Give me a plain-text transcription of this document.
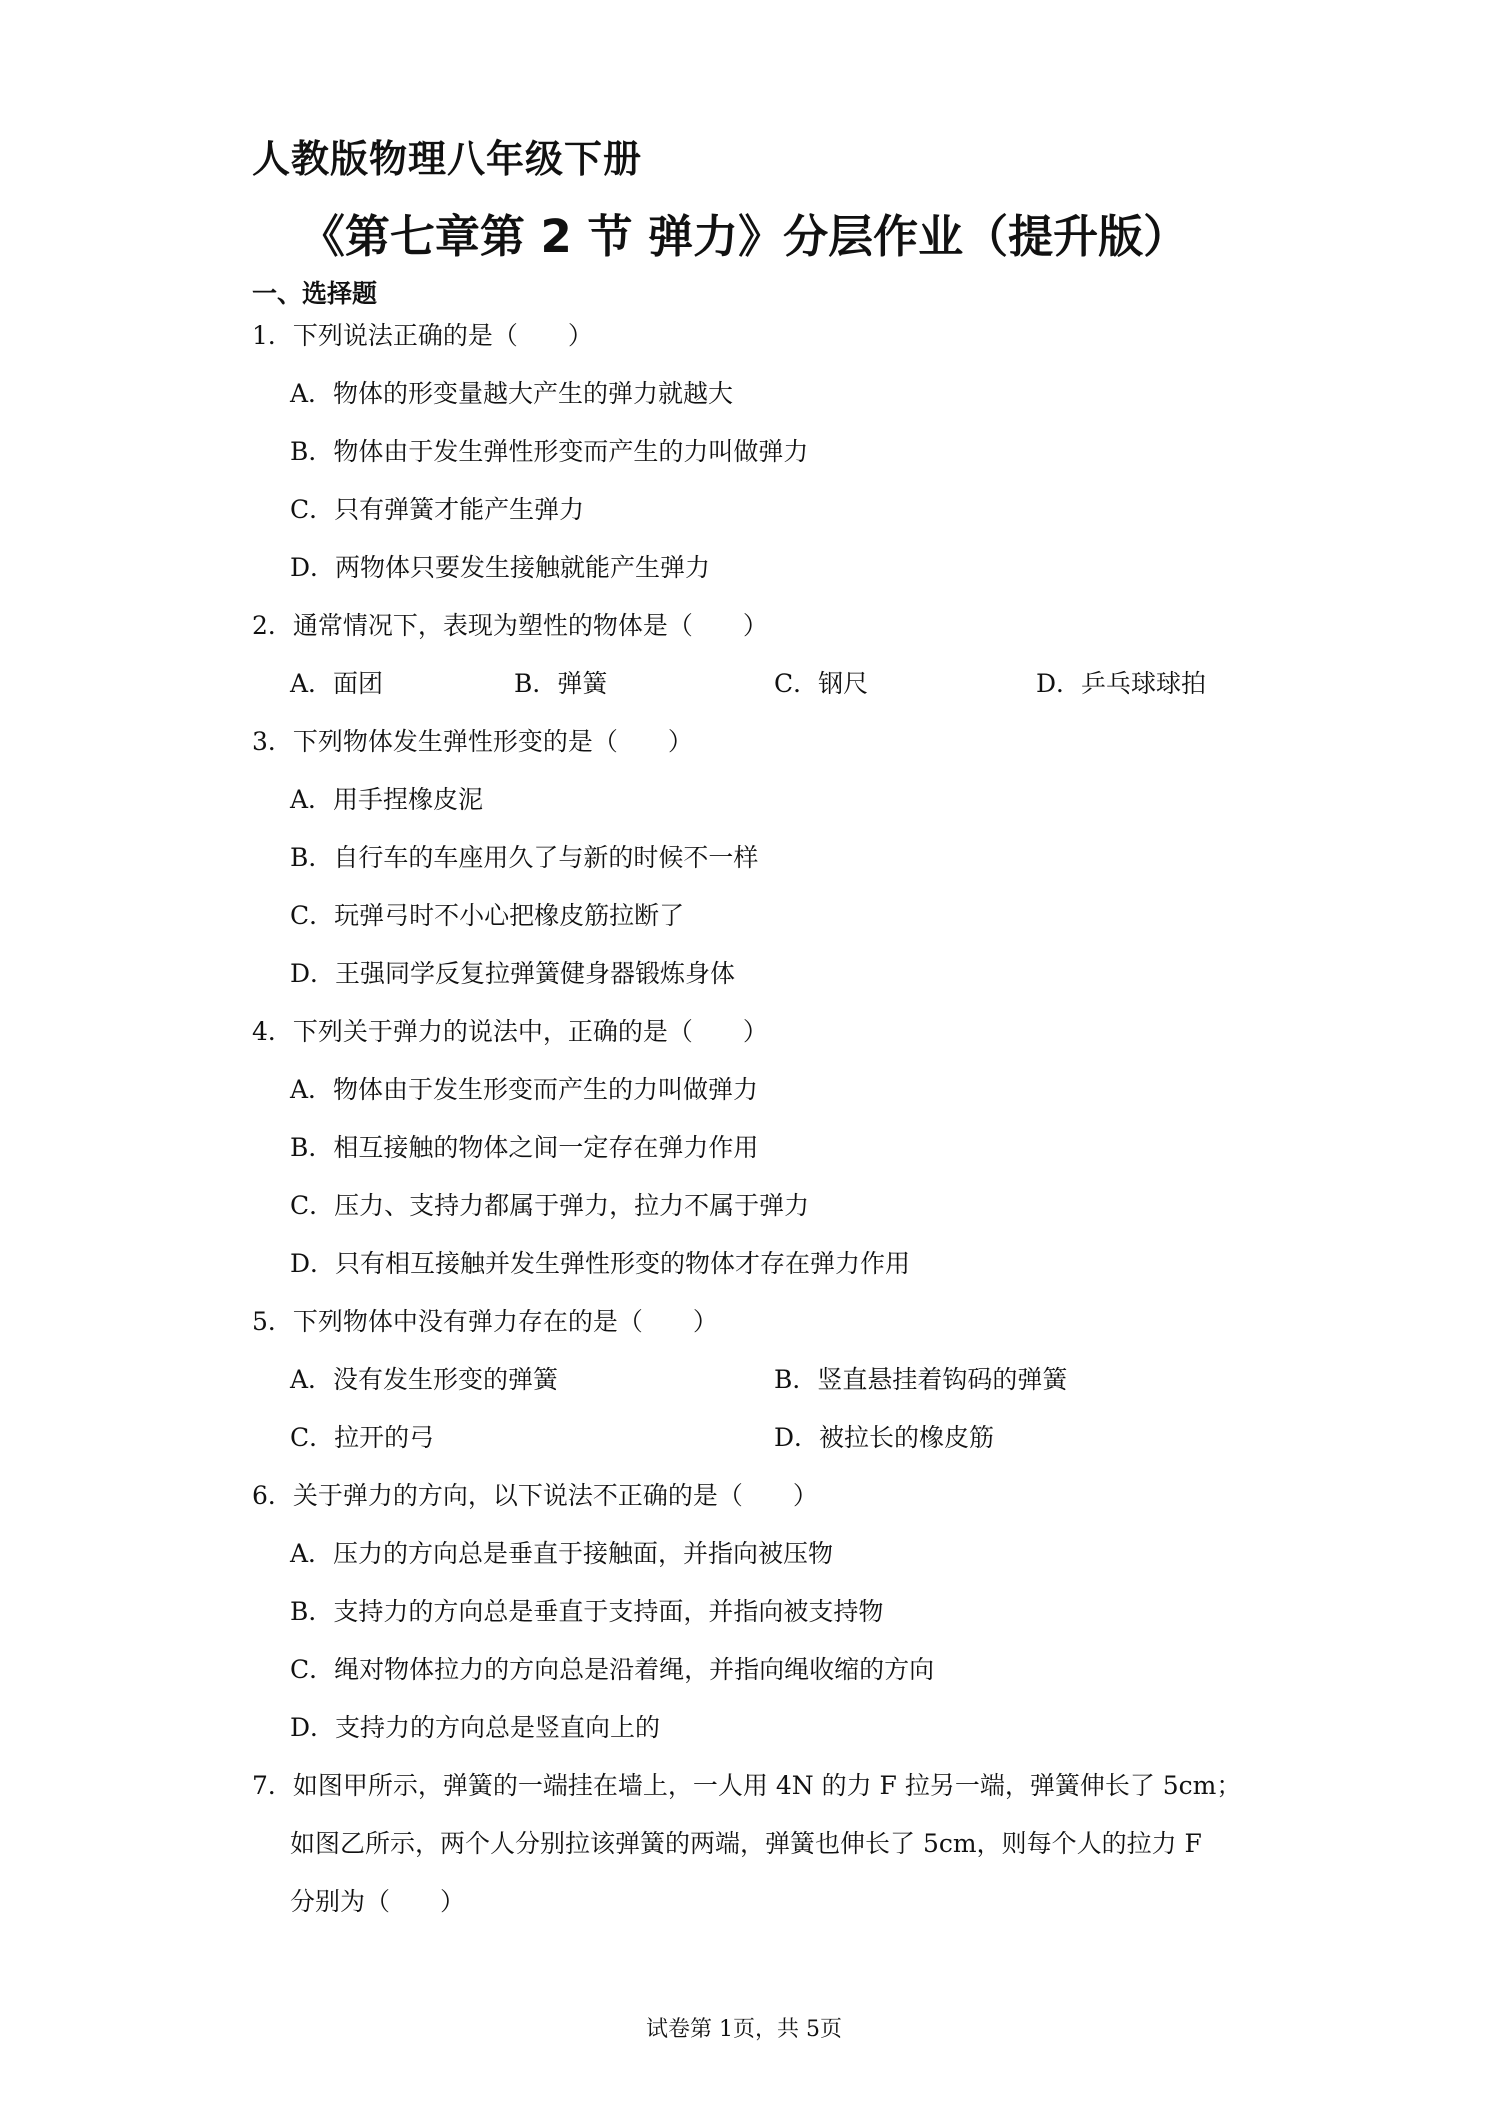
人教版物理八年级下册
《第七章第 2 节 弹力》分层作业（提升版）
一、选择题
1．下列说法正确的是（　　）
A．物体的形变量越大产生的弹力就越大
B．物体由于发生弹性形变而产生的力叫做弹力
C．只有弹簧才能产生弹力
D．两物体只要发生接触就能产生弹力
2．通常情况下，表现为塑性的物体是（　　）
A．面团	B．弹簧	C．钢尺	D．乒乓球球拍
3．下列物体发生弹性形变的是（　　）
A．用手捏橡皮泥
B．自行车的车座用久了与新的时候不一样
C．玩弹弓时不小心把橡皮筋拉断了
D．王强同学反复拉弹簧健身器锻炼身体
4．下列关于弹力的说法中，正确的是（　　）
A．物体由于发生形变而产生的力叫做弹力
B．相互接触的物体之间一定存在弹力作用
C．压力、支持力都属于弹力，拉力不属于弹力
D．只有相互接触并发生弹性形变的物体才存在弹力作用
5．下列物体中没有弹力存在的是（　　）
A．没有发生形变的弹簧	B．竖直悬挂着钩码的弹簧
C．拉开的弓	D．被拉长的橡皮筋
6．关于弹力的方向，以下说法不正确的是（　　）
A．压力的方向总是垂直于接触面，并指向被压物
B．支持力的方向总是垂直于支持面，并指向被支持物
C．绳对物体拉力的方向总是沿着绳，并指向绳收缩的方向
D．支持力的方向总是竖直向上的
7．如图甲所示，弹簧的一端挂在墙上，一人用 4N 的力 F 拉另一端，弹簧伸长了 5cm；
如图乙所示，两个人分别拉该弹簧的两端，弹簧也伸长了 5cm，则每个人的拉力 F
分别为（　　）
试卷第 1页，共 5页
